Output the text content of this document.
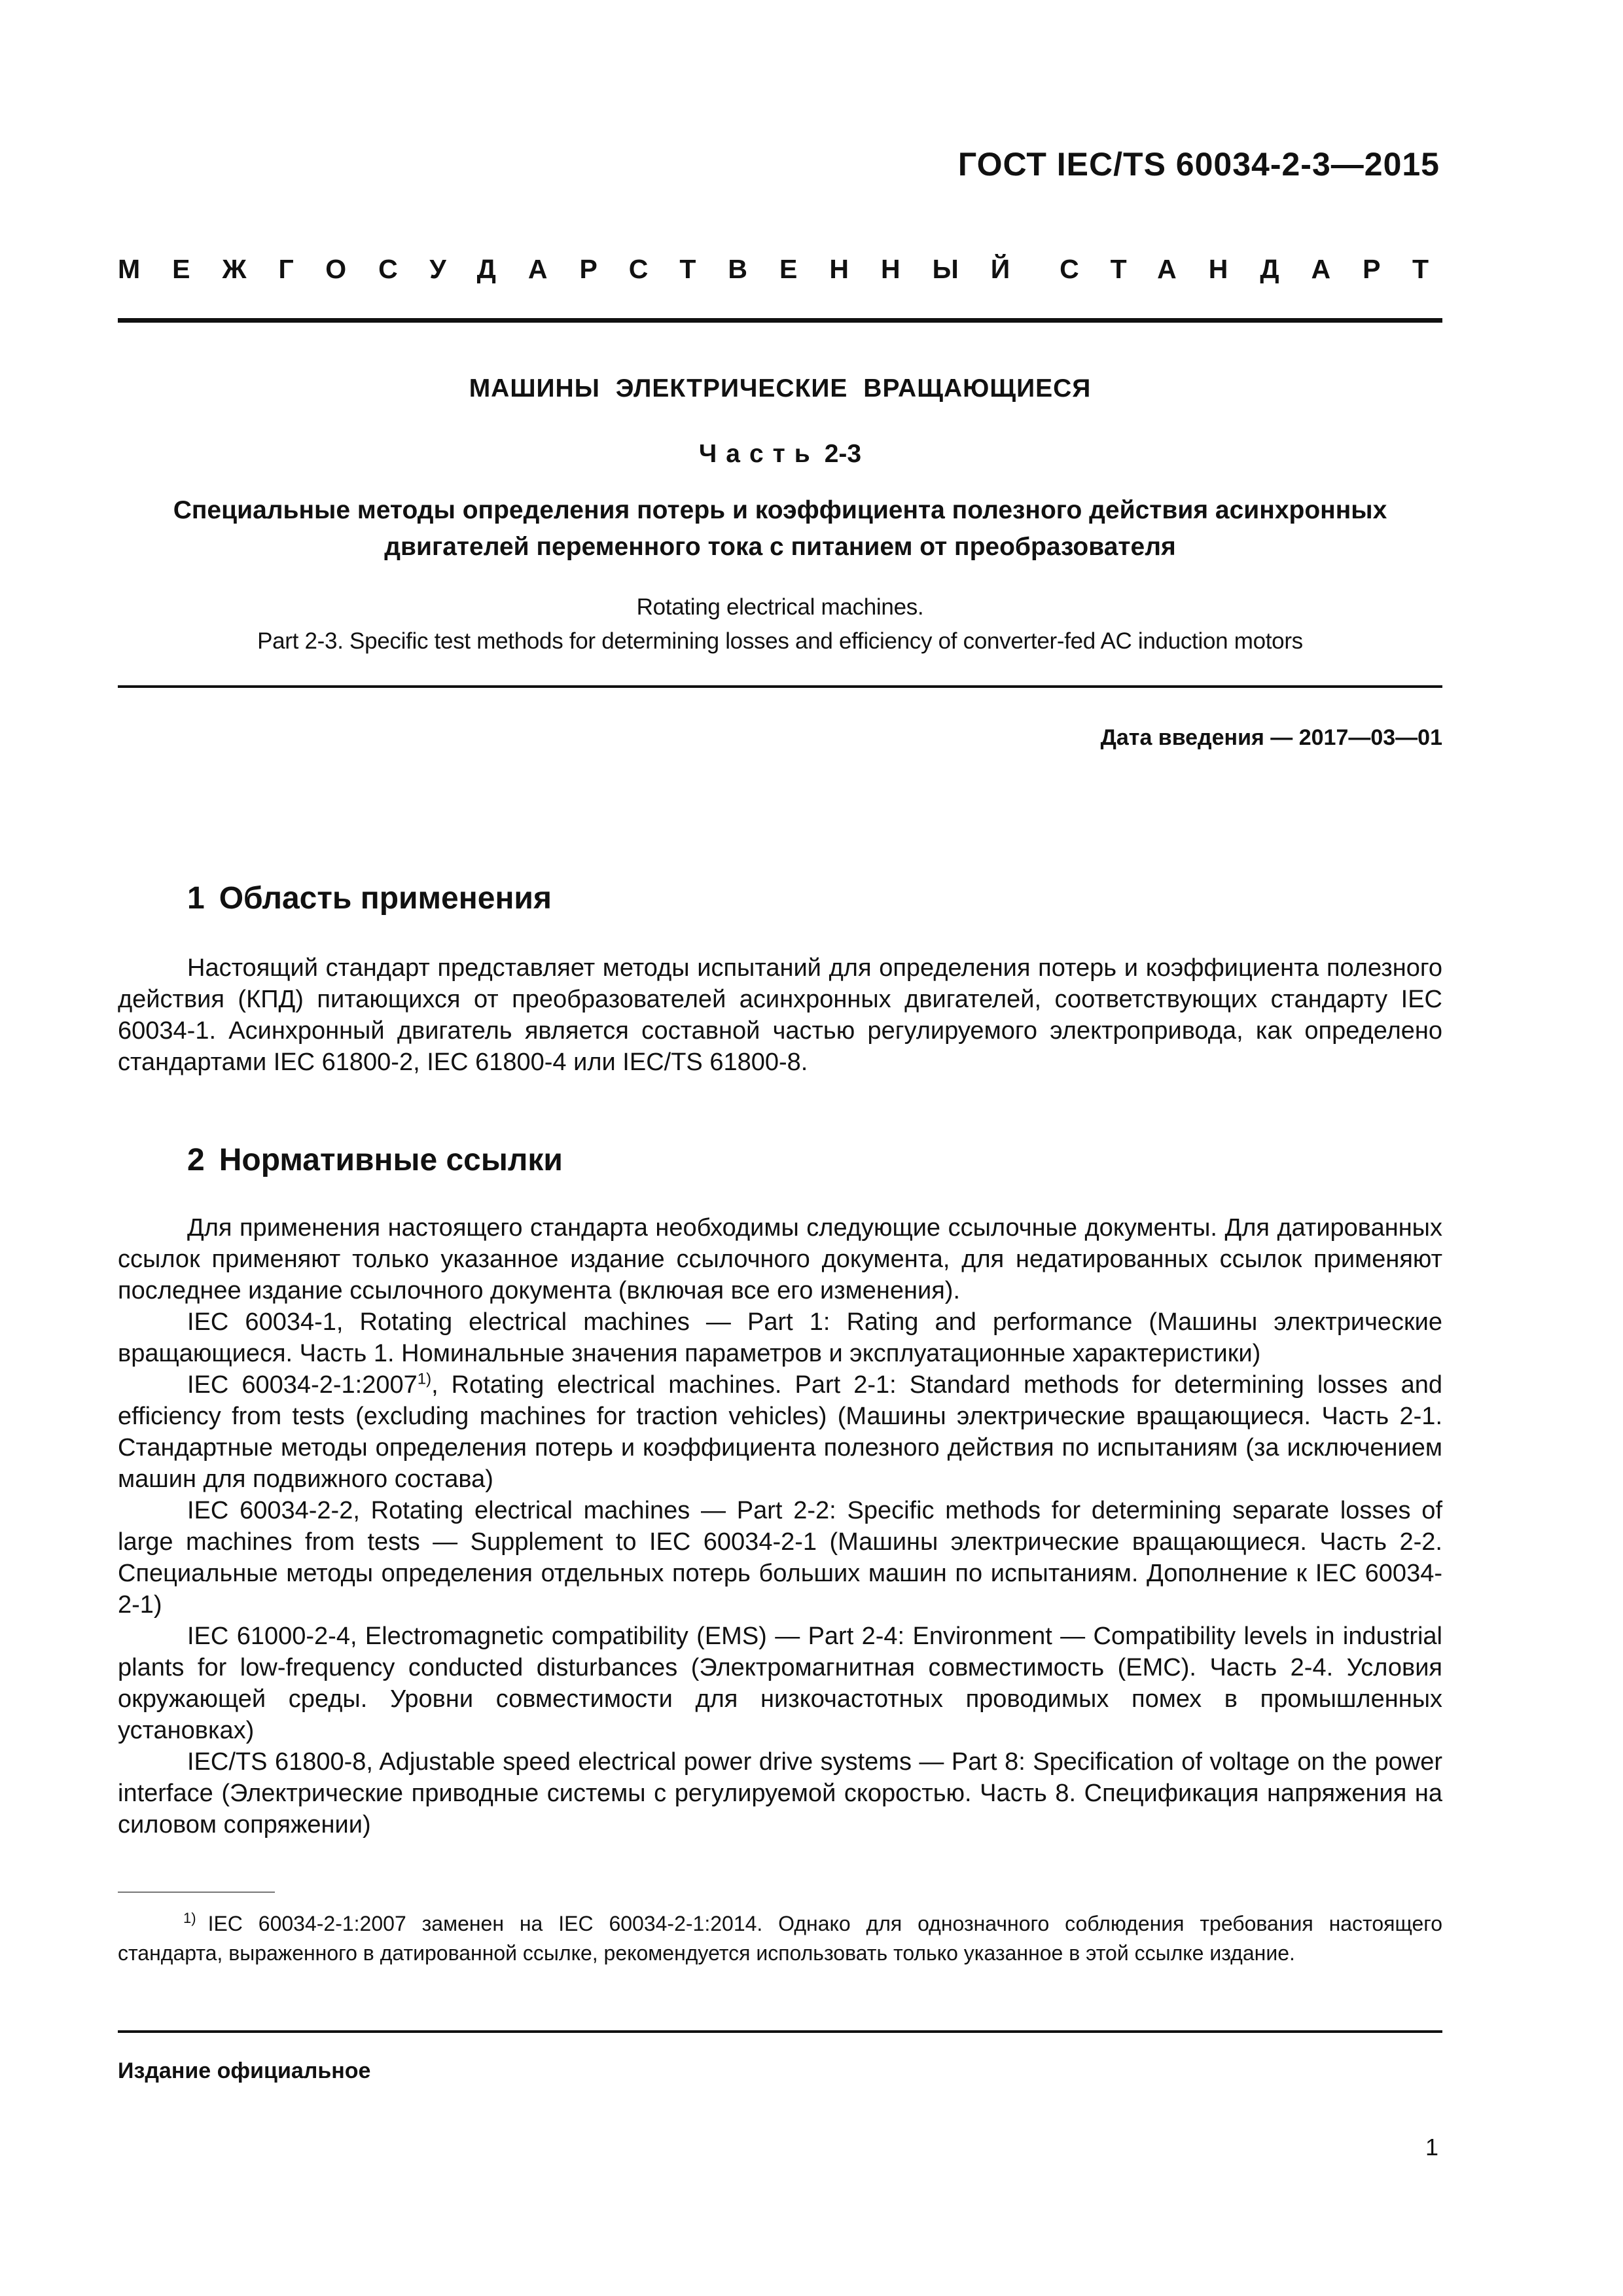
ГОСТ IEC/TS 60034-2-3—2015
МЕЖГОСУДАРСТВЕННЫЙ СТАНДАРТ
МАШИНЫ ЭЛЕКТРИЧЕСКИЕ ВРАЩАЮЩИЕСЯ
Часть 2-3
Специальные методы определения потерь и коэффициента полезного действия асинхронных
двигателей переменного тока с питанием от преобразователя
Rotating electrical machines.
Part 2-3. Specific test methods for determining losses and efficiency of converter-fed AC induction motors
Дата введения — 2017—03—01
1 Область применения

Настоящий стандарт представляет методы испытаний для определения потерь и коэффициента полезного действия (КПД) питающихся от преобразователей асинхронных двигателей, соответствующих стандарту IEC 60034-1. Асинхронный двигатель является составной частью регулируемого электропривода, как определено стандартами IEC 61800-2, IEC 61800-4 или IEC/TS 61800-8.

2 Нормативные ссылки

Для применения настоящего стандарта необходимы следующие ссылочные документы. Для датированных ссылок применяют только указанное издание ссылочного документа, для недатированных ссылок применяют последнее издание ссылочного документа (включая все его изменения).

IEC 60034-1, Rotating electrical machines — Part 1: Rating and performance (Машины электрические вращающиеся. Часть 1. Номинальные значения параметров и эксплуатационные характеристики)

IEC 60034-2-1:2007$^{1)}$, Rotating electrical machines. Part 2-1: Standard methods for determining losses and efficiency from tests (excluding machines for traction vehicles) (Машины электрические вращающиеся. Часть 2-1. Стандартные методы определения потерь и коэффициента полезного действия по испытаниям (за исключением машин для подвижного состава)

IEC 60034-2-2, Rotating electrical machines — Part 2-2: Specific methods for determining separate losses of large machines from tests — Supplement to IEC 60034-2-1 (Машины электрические вращающиеся. Часть 2-2. Специальные методы определения отдельных потерь больших машин по испытаниям. Дополнение к IEC 60034-2-1)

IEC 61000-2-4, Electromagnetic compatibility (EMS) — Part 2-4: Environment — Compatibility levels in industrial plants for low-frequency conducted disturbances (Электромагнитная совместимость (ЕМС). Часть 2-4. Условия окружающей среды. Уровни совместимости для низкочастотных проводимых помех в промышленных установках)

IEC/TS 61800-8, Adjustable speed electrical power drive systems — Part 8: Specification of voltage on the power interface (Электрические приводные системы с регулируемой скоростью. Часть 8. Спецификация напряжения на силовом сопряжении)

$^{1)}$ IEC 60034-2-1:2007 заменен на IEC 60034-2-1:2014. Однако для однозначного соблюдения требования настоящего стандарта, выраженного в датированной ссылке, рекомендуется использовать только указанное в этой ссылке издание.

Издание официальное
1
